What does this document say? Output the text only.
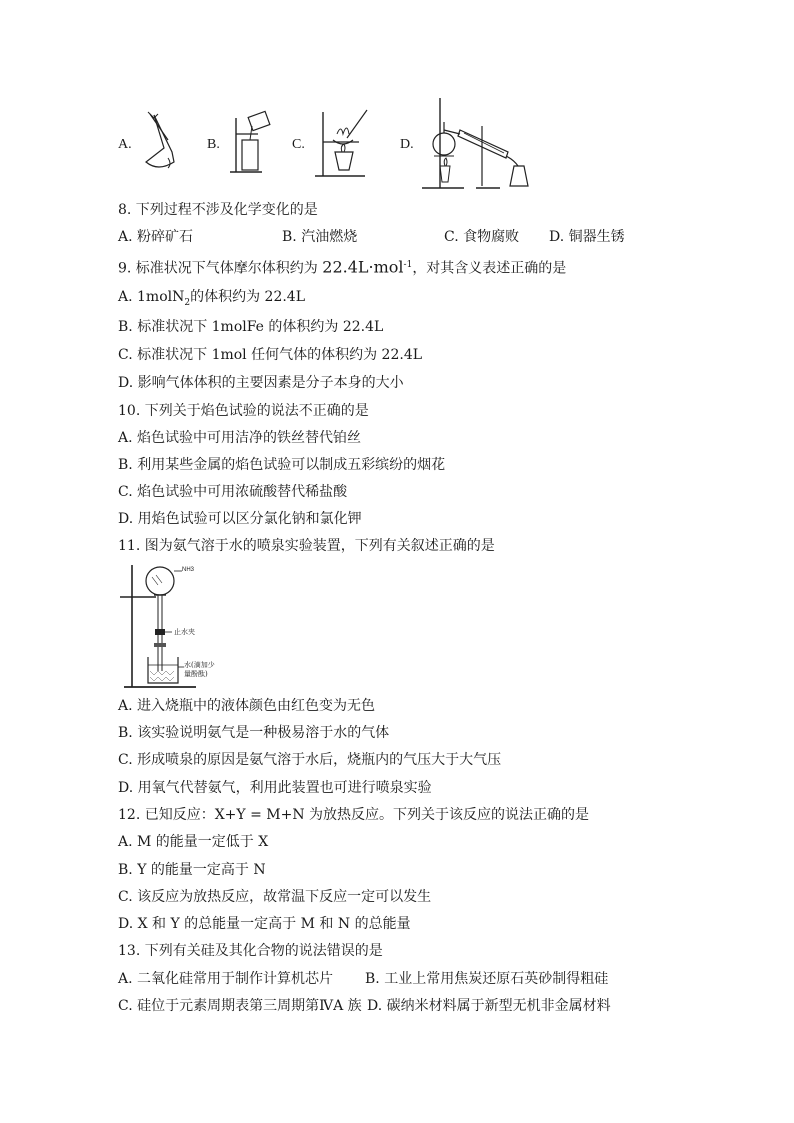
A.	B.	C.	D.
8. 下列过程不涉及化学变化的是
A. 粉碎矿石	B. 汽油燃烧	C. 食物腐败 D. 铜器生锈
9. 标准状况下气体摩尔体积约为 22.4L·mol$^{-1}$，对其含义表述正确的是
A. 1molN$_2$的体积约为 22.4L
B. 标准状况下 1molFe 的体积约为 22.4L
C. 标准状况下 1mol 任何气体的体积约为 22.4L
D. 影响气体体积的主要因素是分子本身的大小
10. 下列关于焰色试验的说法不正确的是
A. 焰色试验中可用洁净的铁丝替代铂丝
B. 利用某些金属的焰色试验可以制成五彩缤纷的烟花
C. 焰色试验中可用浓硫酸替代稀盐酸
D. 用焰色试验可以区分氯化钠和氯化钾
11. 图为氨气溶于水的喷泉实验装置，下列有关叙述正确的是
NH3
止水夹
水(滴加少
量酚酞)
A. 进入烧瓶中的液体颜色由红色变为无色
B. 该实验说明氨气是一种极易溶于水的气体
C. 形成喷泉的原因是氨气溶于水后，烧瓶内的气压大于大气压
D. 用氧气代替氨气，利用此装置也可进行喷泉实验
12. 已知反应：X+Y = M+N 为放热反应。下列关于该反应的说法正确的是
A. M 的能量一定低于 X
B. Y 的能量一定高于 N
C. 该反应为放热反应，故常温下反应一定可以发生
D. X 和 Y 的总能量一定高于 M 和 N 的总能量
13. 下列有关硅及其化合物的说法错误的是
A. 二氧化硅常用于制作计算机芯片 B. 工业上常用焦炭还原石英砂制得粗硅
C. 硅位于元素周期表第三周期第ⅣA 族 D. 碳纳米材料属于新型无机非金属材料
